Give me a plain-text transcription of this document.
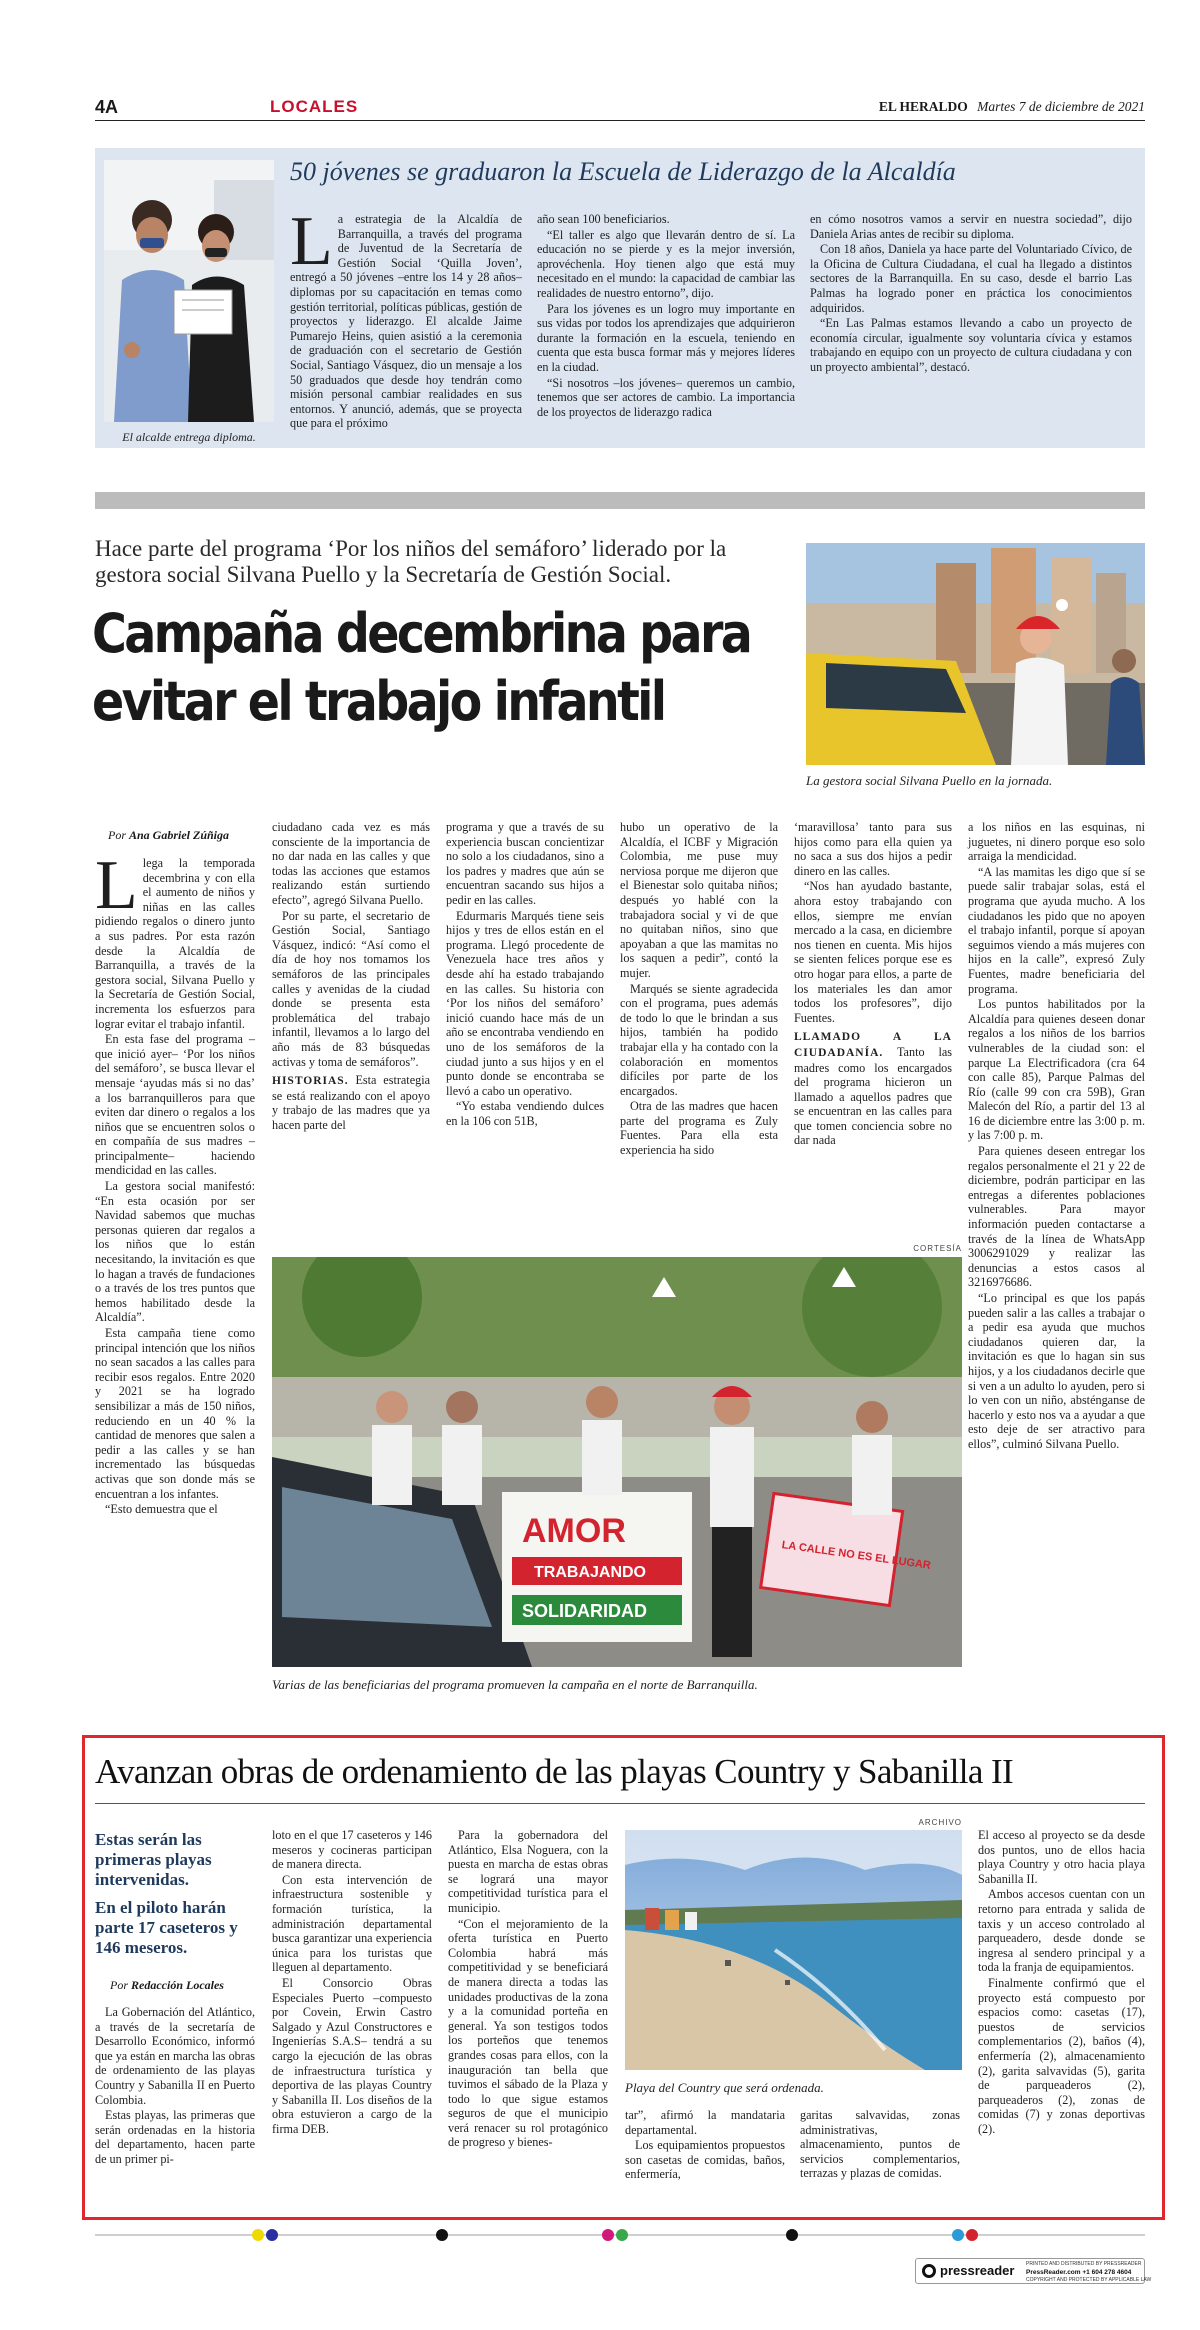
4A	LOCALES	EL HERALDO Martes 7 de diciembre de 2021
El alcalde entrega diploma.
50 jóvenes se graduaron la Escuela de Liderazgo de la Alcaldía
La estrategia de la Alcaldía de Barranquilla, a través del programa de Juventud de la Secretaría de Gestión Social ‘Quilla Joven’, entregó a 50 jóvenes –entre los 14 y 28 años– diplomas por su capacitación en temas como gestión territorial, políticas públicas, gestión de proyectos y liderazgo. El alcalde Jaime Pumarejo Heins, quien asistió a la ceremonia de graduación con el secretario de Gestión Social, Santiago Vásquez, dio un mensaje a los 50 graduados que desde hoy tendrán como misión personal cambiar realidades en sus entornos. Y anunció, además, que se proyecta que para el próximo

año sean 100 beneficiarios.

“El taller es algo que llevarán dentro de sí. La educación no se pierde y es la mejor inversión, aprovéchenla. Hoy tienen algo que está muy necesitado en el mundo: la capacidad de cambiar las realidades de nuestro entorno”, dijo.

Para los jóvenes es un logro muy importante en sus vidas por todos los aprendizajes que adquirieron durante la formación en la escuela, teniendo en cuenta que esta busca formar más y mejores líderes en la ciudad.

“Si nosotros –los jóvenes– queremos un cambio, tenemos que ser actores de cambio. La importancia de los proyectos de liderazgo radica

en cómo nosotros vamos a servir en nuestra sociedad”, dijo Daniela Arias antes de recibir su diploma.

Con 18 años, Daniela ya hace parte del Voluntariado Cívico, de la Oficina de Cultura Ciudadana, el cual ha llegado a distintos sectores de la Barranquilla. En su caso, desde el barrio Las Palmas ha logrado poner en práctica los conocimientos adquiridos.

“En Las Palmas estamos llevando a cabo un proyecto de economía circular, igualmente soy voluntaria cívica y estamos trabajando en equipo con un proyecto de cultura ciudadana y con un proyecto ambiental”, destacó.

Hace parte del programa ‘Por los niños del semáforo’ liderado por la gestora social Silvana Puello y la Secretaría de Gestión Social.
Campaña decembrina para
evitar el trabajo infantil
La gestora social Silvana Puello en la jornada.
Por Ana Gabriel Zúñiga

Llega la temporada decembrina y con ella el aumento de niños y niñas en las calles pidiendo regalos o dinero junto a sus padres. Por esta razón desde la Alcaldía de Barranquilla, a través de la gestora social, Silvana Puello y la Secretaría de Gestión Social, incrementa los esfuerzos para lograr evitar el trabajo infantil.

En esta fase del programa –que inició ayer– ‘Por los niños del semáforo’, se busca llevar el mensaje ‘ayudas más si no das’ a los barranquilleros para que eviten dar dinero o regalos a los niños que se encuentren solos o en compañía de sus madres –principalmente– haciendo mendicidad en las calles.

La gestora social manifestó: “En esta ocasión por ser Navidad sabemos que muchas personas quieren dar regalos a los niños que lo están necesitando, la invitación es que lo hagan a través de fundaciones o a través de los tres puntos que hemos habilitado desde la Alcaldía”.

Esta campaña tiene como principal intención que los niños no sean sacados a las calles para recibir esos regalos. Entre 2020 y 2021 se ha logrado sensibilizar a más de 150 niños, reduciendo en un 40 % la cantidad de menores que salen a pedir a las calles y se han incrementado las búsquedas activas que son donde más se encuentran a los infantes.

“Esto demuestra que el

ciudadano cada vez es más consciente de la importancia de no dar nada en las calles y que todas las acciones que estamos realizando están surtiendo efecto”, agregó Silvana Puello.

Por su parte, el secretario de Gestión Social, Santiago Vásquez, indicó: “Así como el día de hoy nos tomamos los semáforos de las principales calles y avenidas de la ciudad donde se presenta esta problemática del trabajo infantil, llevamos a lo largo del año más de 83 búsquedas activas y toma de semáforos”.

HISTORIAS. Esta estrategia se está realizando con el apoyo y trabajo de las madres que ya hacen parte del

programa y que a través de su experiencia buscan concientizar no solo a los ciudadanos, sino a los padres y madres que aún se encuentran sacando sus hijos a pedir en las calles.

Edurmaris Marqués tiene seis hijos y tres de ellos están en el programa. Llegó procedente de Venezuela hace tres años y desde ahí ha estado trabajando en las calles. Su historia con ‘Por los niños del semáforo’ inició cuando hace más de un año se encontraba vendiendo en uno de los semáforos de la ciudad junto a sus hijos y en el punto donde se encontraba se llevó a cabo un operativo.

“Yo estaba vendiendo dulces en la 106 con 51B,

hubo un operativo de la Alcaldía, el ICBF y Migración Colombia, me puse muy nerviosa porque me dijeron que el Bienestar solo quitaba niños; después yo hablé con la trabajadora social y vi de que no quitaban niños, sino que apoyaban a que las mamitas no los saquen a pedir”, contó la mujer.

Marqués se siente agradecida con el programa, pues además de todo lo que le brindan a sus hijos, también ha podido trabajar ella y ha contado con la colaboración en momentos difíciles por parte de los encargados.

Otra de las madres que hacen parte del programa es Zuly Fuentes. Para ella esta experiencia ha sido

‘maravillosa’ tanto para sus hijos como para ella quien ya no saca a sus dos hijos a pedir dinero en las calles.

“Nos han ayudado bastante, ahora estoy trabajando con ellos, siempre me envían mercado a la casa, en diciembre nos tienen en cuenta. Mis hijos se sienten felices porque ese es otro hogar para ellos, a parte de los materiales les dan amor todos los profesores”, dijo Fuentes.

LLAMADO A LA CIUDADANÍA. Tanto las madres como los encargados del programa hicieron un llamado a aquellos padres que se encuentran en las calles para que tomen conciencia sobre no dar nada

a los niños en las esquinas, ni juguetes, ni dinero porque eso solo arraiga la mendicidad.

“A las mamitas les digo que sí se puede salir trabajar solas, está el programa que ayuda mucho. A los ciudadanos les pido que no apoyen el trabajo infantil, porque sí apoyan seguimos viendo a más mujeres con hijos en la calle”, expresó Zuly Fuentes, madre beneficiaria del programa.

Los puntos habilitados por la Alcaldía para quienes deseen donar regalos a los niños de los barrios vulnerables de la ciudad son: el parque La Electrificadora (cra 64 con calle 85), Parque Palmas del Río (calle 99 con cra 59B), Gran Malecón del Río, a partir del 13 al 16 de diciembre entre las 3:00 p. m. y las 7:00 p. m.

Para quienes deseen entregar los regalos personalmente el 21 y 22 de diciembre, podrán participar en las entregas a diferentes poblaciones vulnerables. Para mayor información pueden contactarse a través de la línea de WhatsApp 3006291029 y realizar las denuncias a estos casos al 3216976686.

“Lo principal es que los papás pueden salir a las calles a trabajar o a pedir esa ayuda que muchos ciudadanos quieren dar, la invitación es que lo hagan sin sus hijos, y a los ciudadanos decirle que si ven a un adulto lo ayuden, pero si lo ven con un niño, absténganse de hacerlo y esto nos va a ayudar a que esto deje de ser atractivo para ellos”, culminó Silvana Puello.

CORTESÍA
AMOR
TRABAJANDO
SOLIDARIDAD
LA CALLE NO ES EL LUGAR
Varias de las beneficiarias del programa promueven la campaña en el norte de Barranquilla.
Avanzan obras de ordenamiento de las playas Country y Sabanilla II
Estas serán las primeras playas intervenidas.
En el piloto harán parte 17 caseteros y 146 meseros.
Por Redacción Locales

La Gobernación del Atlántico, a través de la secretaría de Desarrollo Económico, informó que ya están en marcha las obras de ordenamiento de las playas Country y Sabanilla II en Puerto Colombia.

Estas playas, las primeras que serán ordenadas en la historia del departamento, hacen parte de un primer pi-

loto en el que 17 caseteros y 146 meseros y cocineras participan de manera directa.

Con esta intervención de infraestructura sostenible y formación turística, la administración departamental busca garantizar una experiencia única para los turistas que lleguen al departamento.

El Consorcio Obras Especiales Puerto –compuesto por Covein, Erwin Castro Salgado y Azul Constructores e Ingenierías S.A.S– tendrá a su cargo la ejecución de las obras de infraestructura turística y deportiva de las playas Country y Sabanilla II. Los diseños de la obra estuvieron a cargo de la firma DEB.

Para la gobernadora del Atlántico, Elsa Noguera, con la puesta en marcha de estas obras se logrará una mayor competitividad turística para el municipio.

“Con el mejoramiento de la oferta turística en Puerto Colombia habrá más competitividad y se beneficiará de manera directa a todas las unidades productivas de la zona y a la comunidad porteña en general. Ya son testigos todos los porteños que tenemos grandes cosas para ellos, con la inauguración tan bella que tuvimos el sábado de la Plaza y todo lo que sigue estamos seguros de que el municipio verá renacer su rol protagónico de progreso y bienes-

ARCHIVO
Playa del Country que será ordenada.

tar”, afirmó la mandataria departamental.

Los equipamientos propuestos son casetas de comidas, baños, enfermería,

garitas salvavidas, zonas administrativas, almacenamiento, puntos de servicios complementarios, terrazas y plazas de comidas.

El acceso al proyecto se da desde dos puntos, uno de ellos hacia playa Country y otro hacia playa Sabanilla II.

Ambos accesos cuentan con un retorno para entrada y salida de taxis y un acceso controlado al parqueadero, desde donde se ingresa al sendero principal y a toda la franja de equipamientos.

Finalmente confirmó que el proyecto está compuesto por espacios como: casetas (17), puestos de servicios complementarios (2), baños (4), enfermería (2), almacenamiento (2), garita salvavidas (5), garita de parqueaderos (2), parqueaderos (2), zonas de comidas (7) y zonas deportivas (2).

pressreader PRINTED AND DISTRIBUTED BY PRESSREADER
PressReader.com +1 604 278 4604
COPYRIGHT AND PROTECTED BY APPLICABLE LAW
